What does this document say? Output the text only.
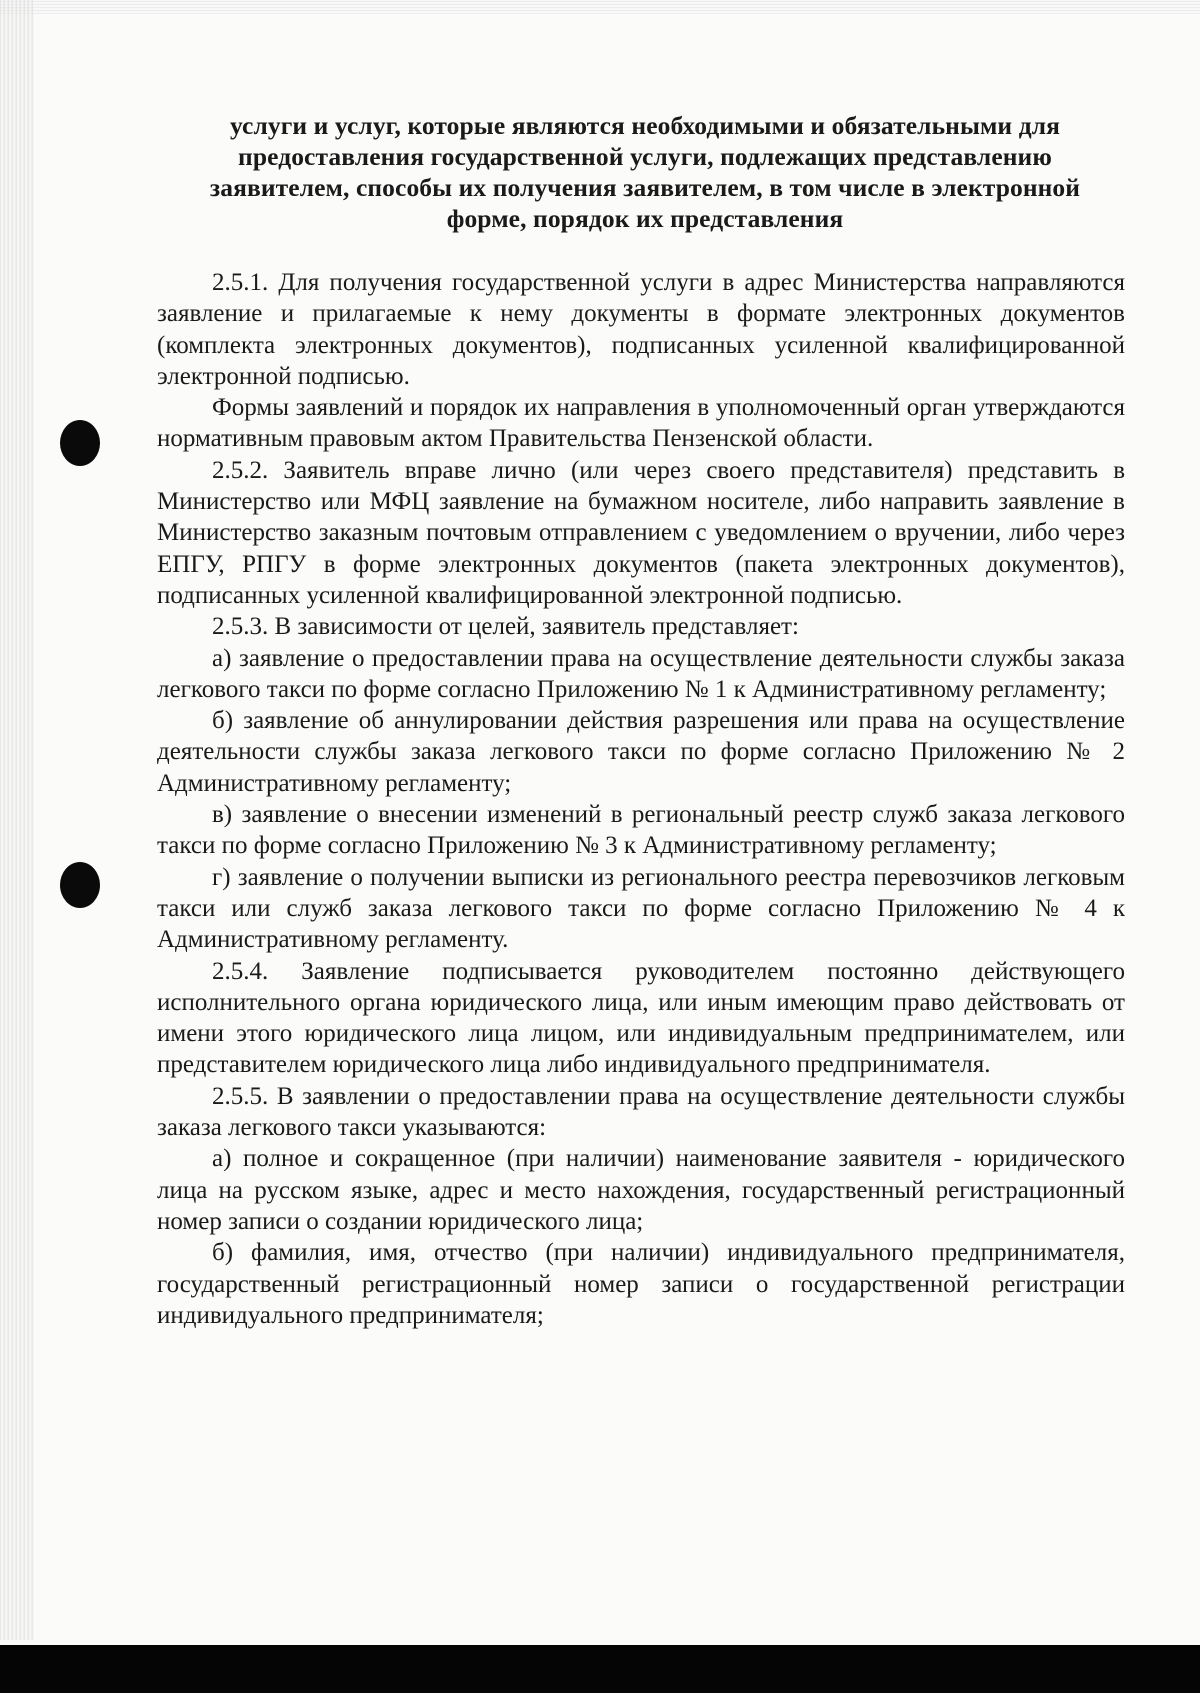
услуги и услуг, которые являются необходимыми и обязательными для
предоставления государственной услуги, подлежащих представлению
заявителем, способы их получения заявителем, в том числе в электронной
форме, порядок их представления

2.5.1. Для получения государственной услуги в адрес Министерства направляются заявление и прилагаемые к нему документы в формате электронных документов (комплекта электронных документов), подписанных усиленной квалифицированной электронной подписью.

Формы заявлений и порядок их направления в уполномоченный орган утверждаются нормативным правовым актом Правительства Пензенской области.

2.5.2. Заявитель вправе лично (или через своего представителя) представить в Министерство или МФЦ заявление на бумажном носителе, либо направить заявление в Министерство заказным почтовым отправлением с уведомлением о вручении, либо через ЕПГУ, РПГУ в форме электронных документов (пакета электронных документов), подписанных усиленной квалифицированной электронной подписью.

2.5.3. В зависимости от целей, заявитель представляет:

а) заявление о предоставлении права на осуществление деятельности службы заказа легкового такси по форме согласно Приложению № 1 к Административному регламенту;

б) заявление об аннулировании действия разрешения или права на осуществление деятельности службы заказа легкового такси по форме согласно Приложению № 2 Административному регламенту;

в) заявление о внесении изменений в региональный реестр служб заказа легкового такси по форме согласно Приложению № 3 к Административному регламенту;

г) заявление о получении выписки из регионального реестра перевозчиков легковым такси или служб заказа легкового такси по форме согласно Приложению № 4 к Административному регламенту.

2.5.4. Заявление подписывается руководителем постоянно действующего исполнительного органа юридического лица, или иным имеющим право действовать от имени этого юридического лица лицом, или индивидуальным предпринимателем, или представителем юридического лица либо индивидуального предпринимателя.

2.5.5. В заявлении о предоставлении права на осуществление деятельности службы заказа легкового такси указываются:

а) полное и сокращенное (при наличии) наименование заявителя - юридического лица на русском языке, адрес и место нахождения, государственный регистрационный номер записи о создании юридического лица;

б) фамилия, имя, отчество (при наличии) индивидуального предпринимателя, государственный регистрационный номер записи о государственной регистрации индивидуального предпринимателя;
